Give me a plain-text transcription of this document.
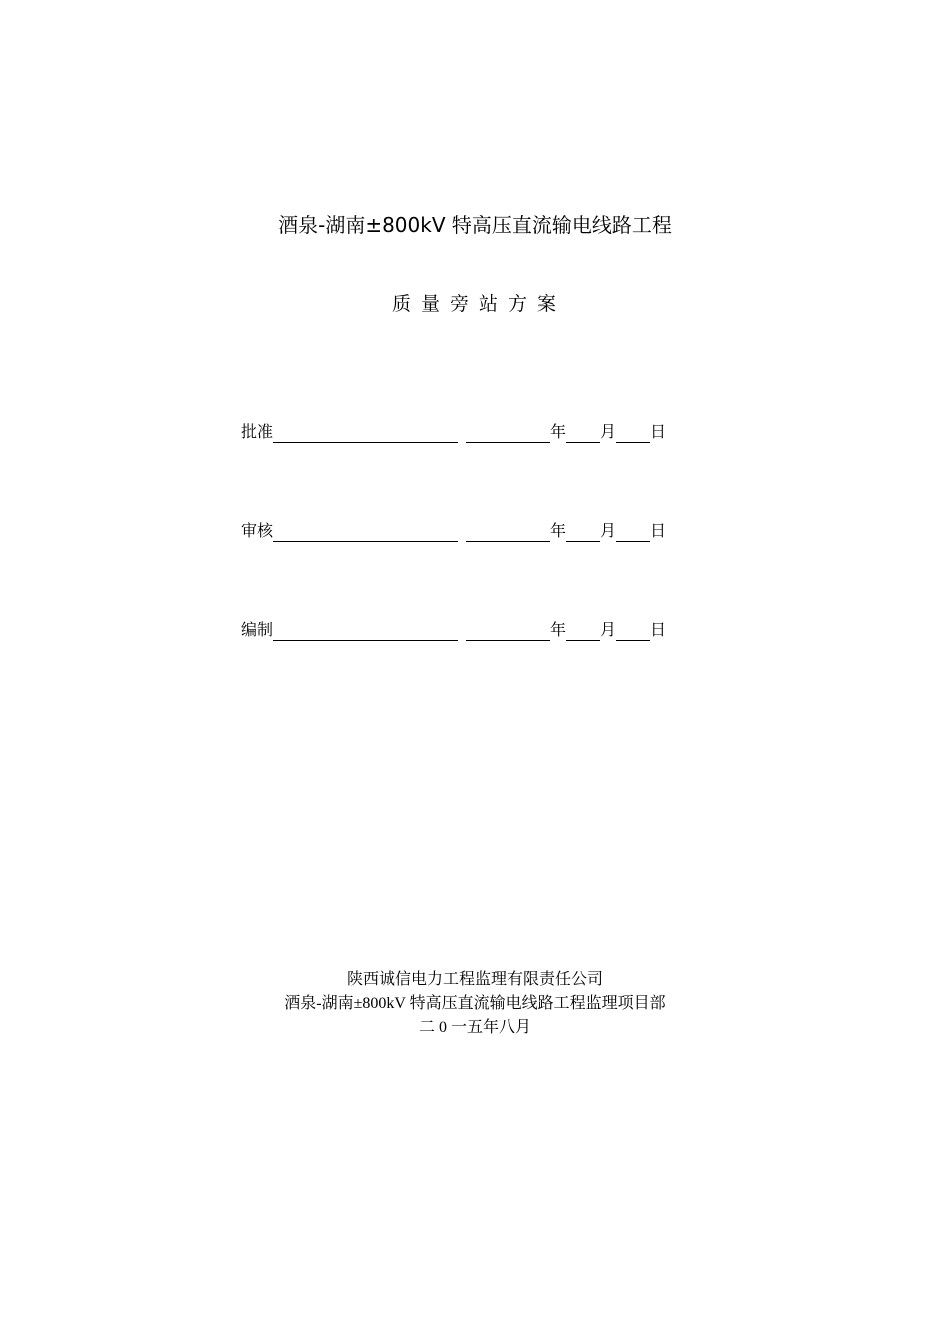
酒泉-湖南±800kV 特高压直流输电线路工程
质量旁站方案
批准	年 月 日
审核	年 月 日
编制	年 月 日
陕西诚信电力工程监理有限责任公司
酒泉-湖南±800kV 特高压直流输电线路工程监理项目部
二 0 一五年八月
